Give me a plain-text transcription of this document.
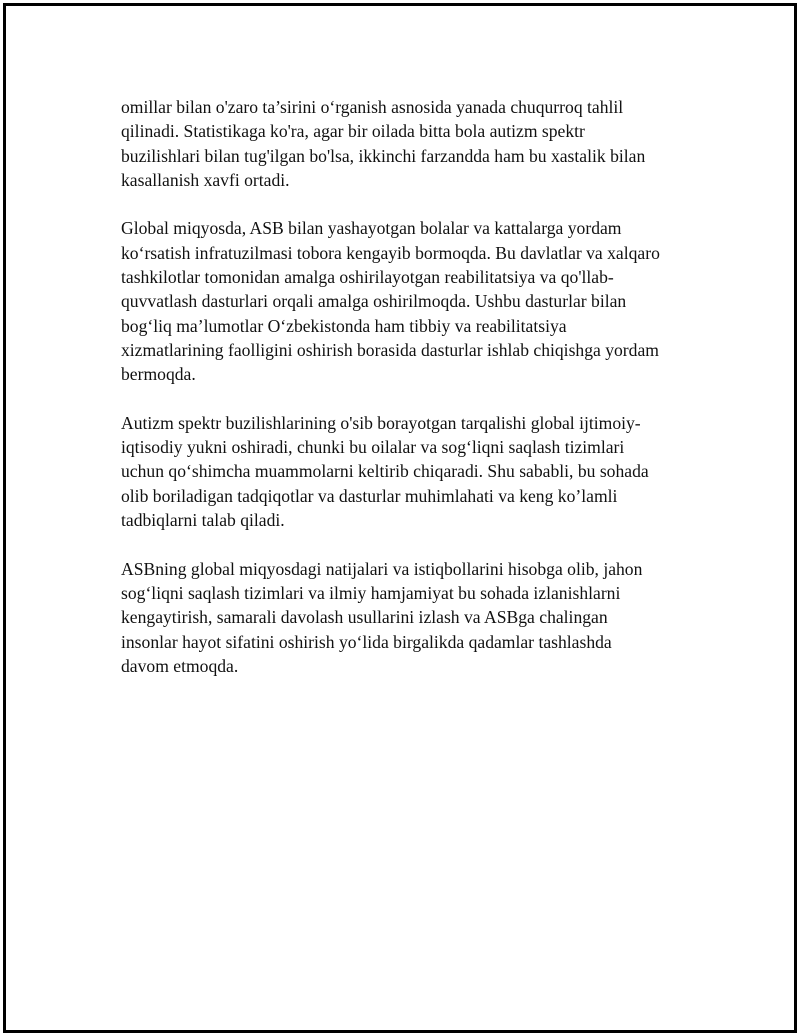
omillar bilan o'zaro ta’sirini o‘rganish asnosida yanada chuqurroq tahlil
qilinadi. Statistikaga ko'ra, agar bir oilada bitta bola autizm spektr
buzilishlari bilan tug'ilgan bo'lsa, ikkinchi farzandda ham bu xastalik bilan
kasallanish xavfi ortadi.

Global miqyosda, ASB bilan yashayotgan bolalar va kattalarga yordam
ko‘rsatish infratuzilmasi tobora kengayib bormoqda. Bu davlatlar va xalqaro
tashkilotlar tomonidan amalga oshirilayotgan reabilitatsiya va qo'llab-
quvvatlash dasturlari orqali amalga oshirilmoqda. Ushbu dasturlar bilan
bog‘liq ma’lumotlar O‘zbekistonda ham tibbiy va reabilitatsiya
xizmatlarining faolligini oshirish borasida dasturlar ishlab chiqishga yordam
bermoqda.

Autizm spektr buzilishlarining o'sib borayotgan tarqalishi global ijtimoiy-
iqtisodiy yukni oshiradi, chunki bu oilalar va sog‘liqni saqlash tizimlari
uchun qo‘shimcha muammolarni keltirib chiqaradi. Shu sababli, bu sohada
olib boriladigan tadqiqotlar va dasturlar muhimlahati va keng ko’lamli
tadbiqlarni talab qiladi.

ASBning global miqyosdagi natijalari va istiqbollarini hisobga olib, jahon
sog‘liqni saqlash tizimlari va ilmiy hamjamiyat bu sohada izlanishlarni
kengaytirish, samarali davolash usullarini izlash va ASBga chalingan
insonlar hayot sifatini oshirish yo‘lida birgalikda qadamlar tashlashda
davom etmoqda.
